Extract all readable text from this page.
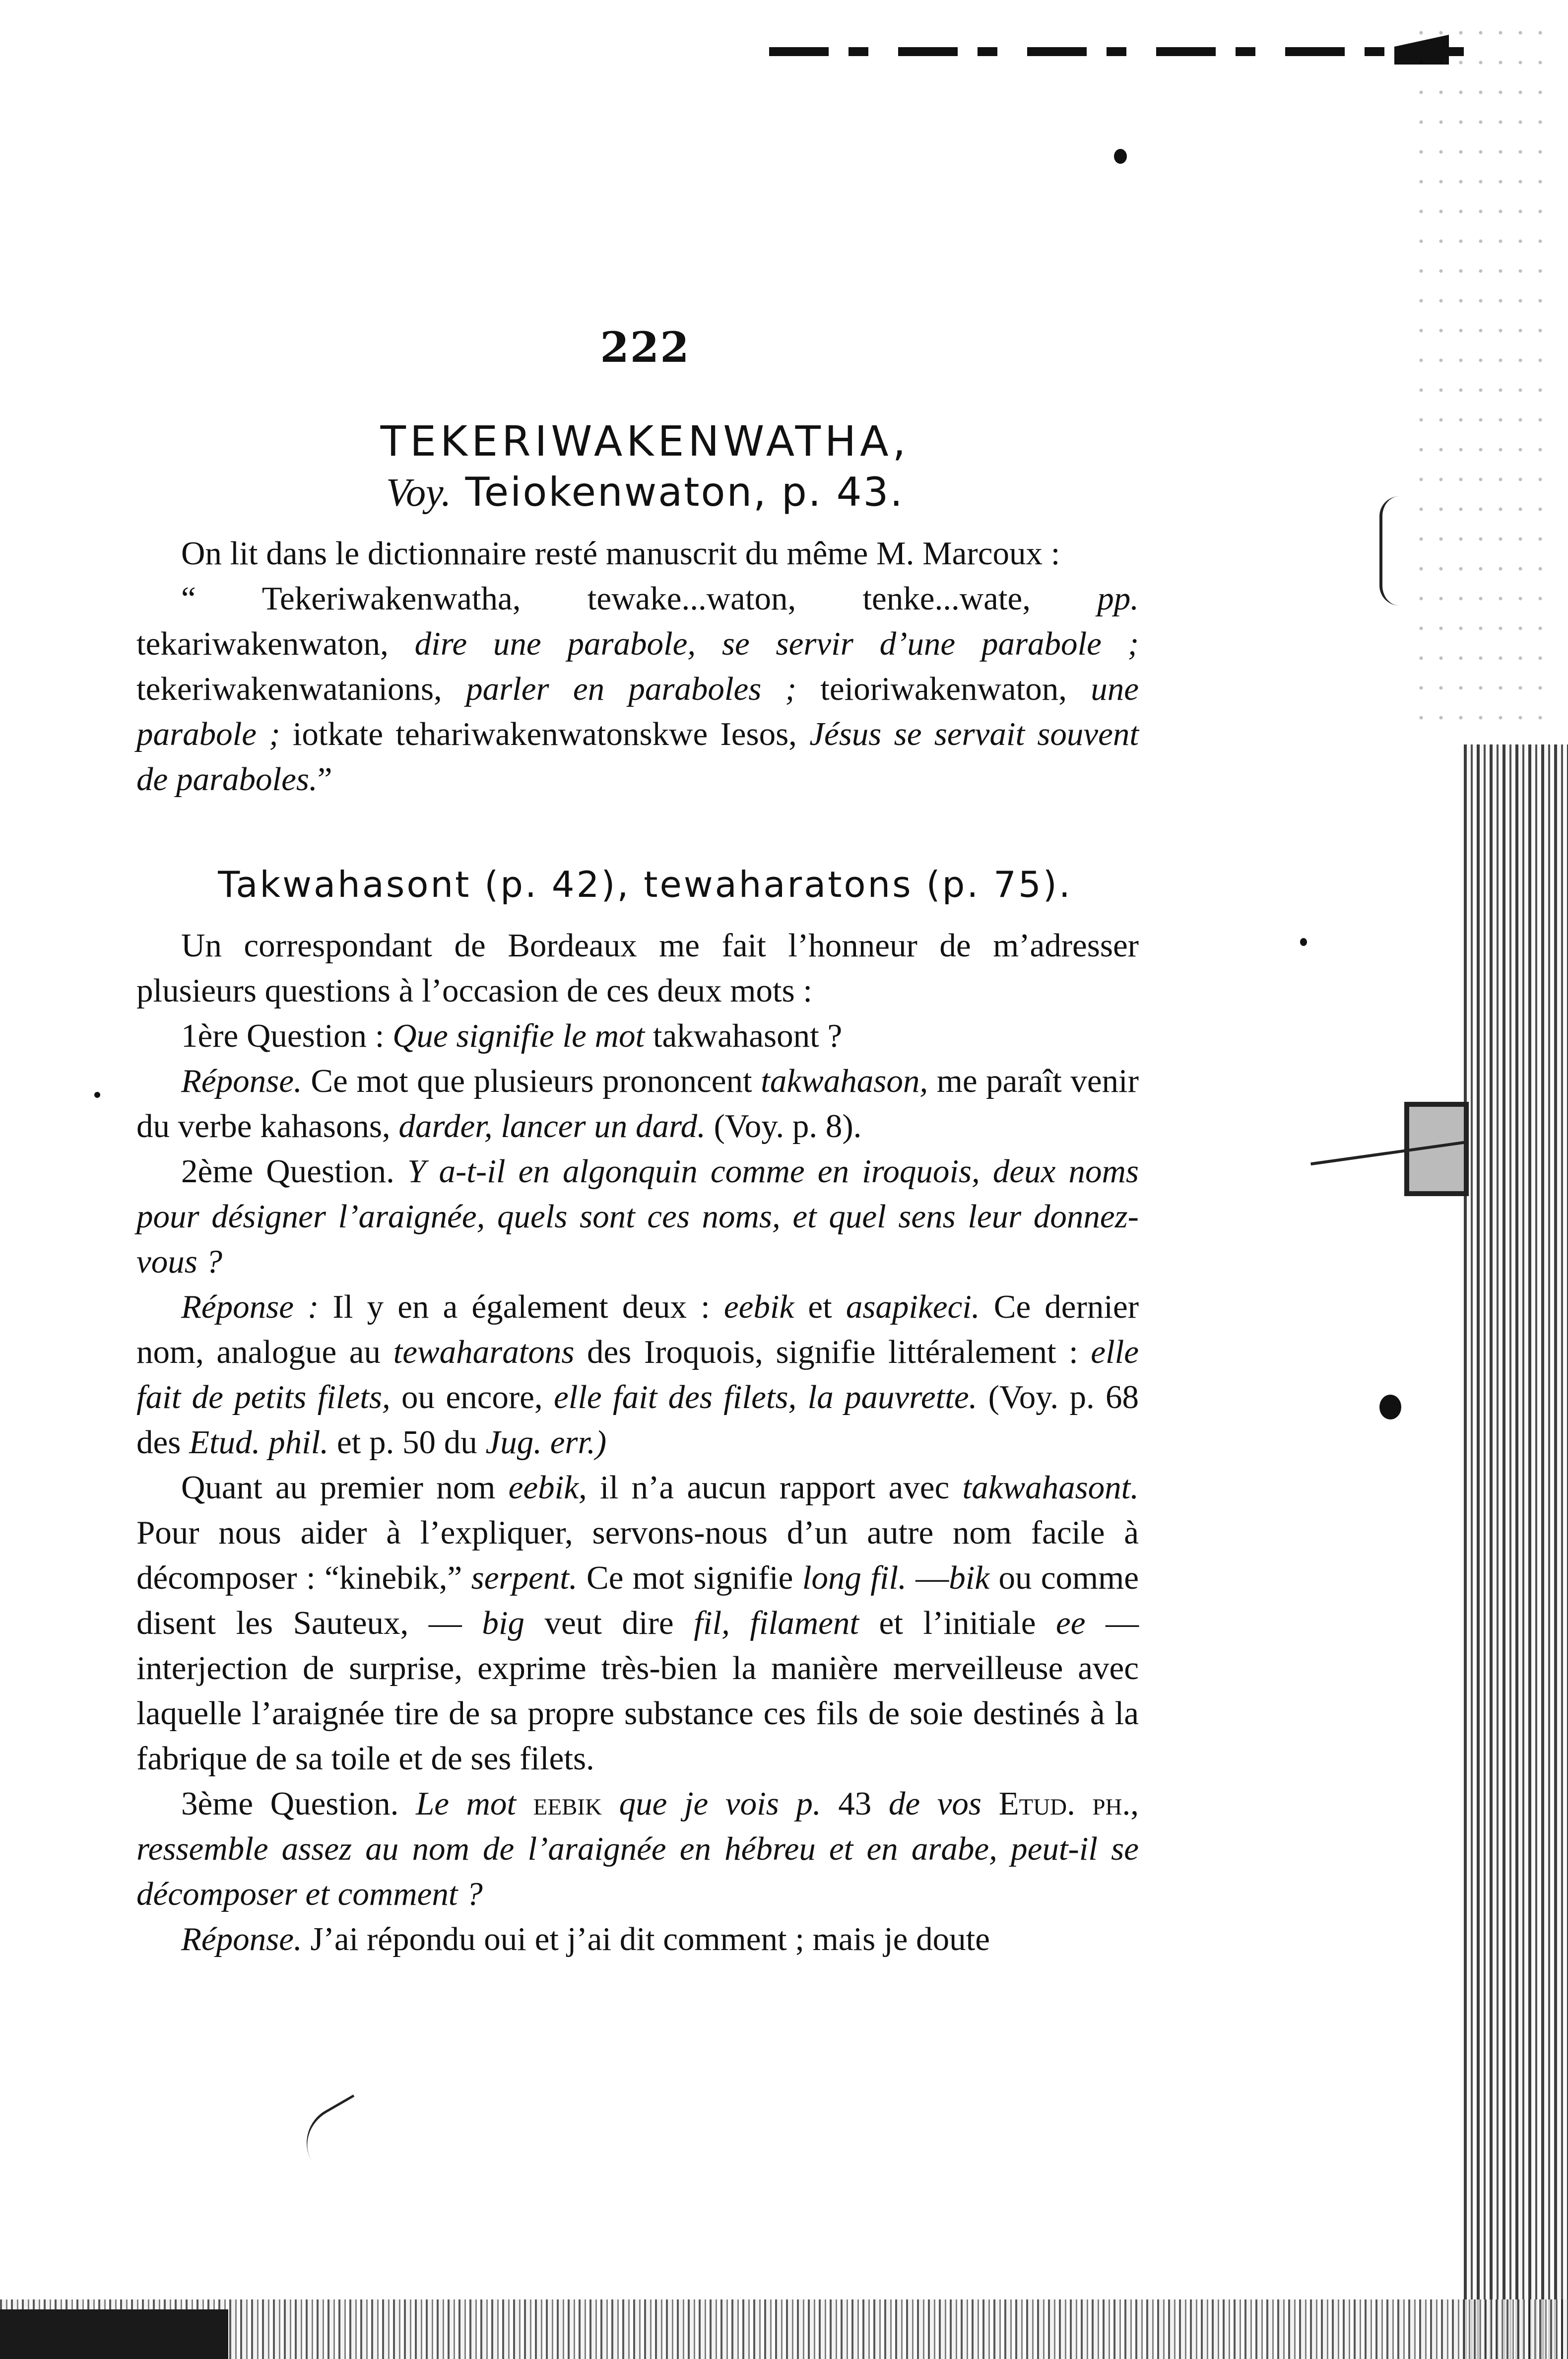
222
TEKERIWAKENWATHA,
Voy. Teiokenwaton, p. 43.

On lit dans le dictionnaire resté manuscrit du même M. Marcoux :

“ Tekeriwakenwatha, tewake...waton, tenke...wate, pp. tekariwakenwaton, dire une parabole, se servir d’une parabole ; tekeriwakenwatanions, parler en paraboles ; teioriwakenwaton, une parabole ; iotkate tehariwakenwatonskwe Iesos, Jésus se servait souvent de paraboles.”

Takwahasont (p. 42), tewaharatons (p. 75).

Un correspondant de Bordeaux me fait l’honneur de m’adresser plusieurs questions à l’occasion de ces deux mots :

1ère Question : Que signifie le mot takwahasont ?

Réponse. Ce mot que plusieurs prononcent takwahason, me paraît venir du verbe kahasons, darder, lancer un dard. (Voy. p. 8).

2ème Question. Y a-t-il en algonquin comme en iroquois, deux noms pour désigner l’araignée, quels sont ces noms, et quel sens leur donnez-vous ?

Réponse : Il y en a également deux : eebik et asapikeci. Ce dernier nom, analogue au tewaharatons des Iroquois, signifie littéralement : elle fait de petits filets, ou encore, elle fait des filets, la pauvrette. (Voy. p. 68 des Etud. phil. et p. 50 du Jug. err.)

Quant au premier nom eebik, il n’a aucun rapport avec takwahasont. Pour nous aider à l’expliquer, servons-nous d’un autre nom facile à décomposer : “kinebik,” serpent. Ce mot signifie long fil. —bik ou comme disent les Sauteux, — big veut dire fil, filament et l’initiale ee — interjection de surprise, exprime très-bien la manière merveilleuse avec laquelle l’araignée tire de sa propre substance ces fils de soie destinés à la fabrique de sa toile et de ses filets.

3ème Question. Le mot eebik que je vois p. 43 de vos Etud. ph., ressemble assez au nom de l’araignée en hébreu et en arabe, peut-il se décomposer et comment ?

Réponse. J’ai répondu oui et j’ai dit comment ; mais je doute
